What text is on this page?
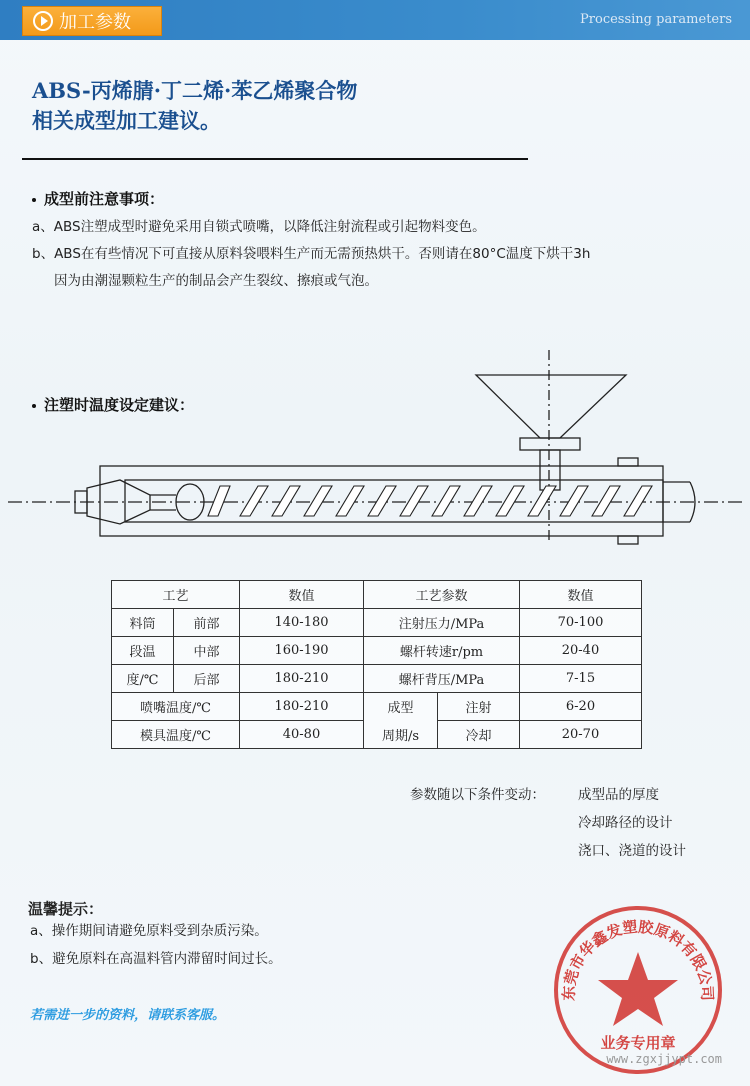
加工参数	Processing parameters
ABS-丙烯腈·丁二烯·苯乙烯聚合物
相关成型加工建议。
成型前注意事项：
a、ABS注塑成型时避免采用自锁式喷嘴，以降低注射流程或引起物料变色。
b、ABS在有些情况下可直接从原料袋喂料生产而无需预热烘干。否则请在80°C温度下烘干3h
因为由潮湿颗粒生产的制品会产生裂纹、擦痕或气泡。
注塑时温度设定建议：
工艺		数值	工艺参数		数值
料筒	前部	140-180	注射压力/MPa		70-100
段温	中部	160-190	螺杆转速r/pm		20-40
度/℃	后部	180-210	螺杆背压/MPa		7-15
喷嘴温度/℃		180-210	成型	注射	6-20
模具温度/℃		40-80	周期/s	冷却	20-70
参数随以下条件变动： 成型品的厚度
冷却路径的设计
浇口、浇道的设计
温馨提示：
a、操作期间请避免原料受到杂质污染。
b、避免原料在高温料管内滞留时间过长。
若需进一步的资料，请联系客服。
东莞市华鑫发塑胶原料有限公司
业务专用章
www.zgxjjypt.com
